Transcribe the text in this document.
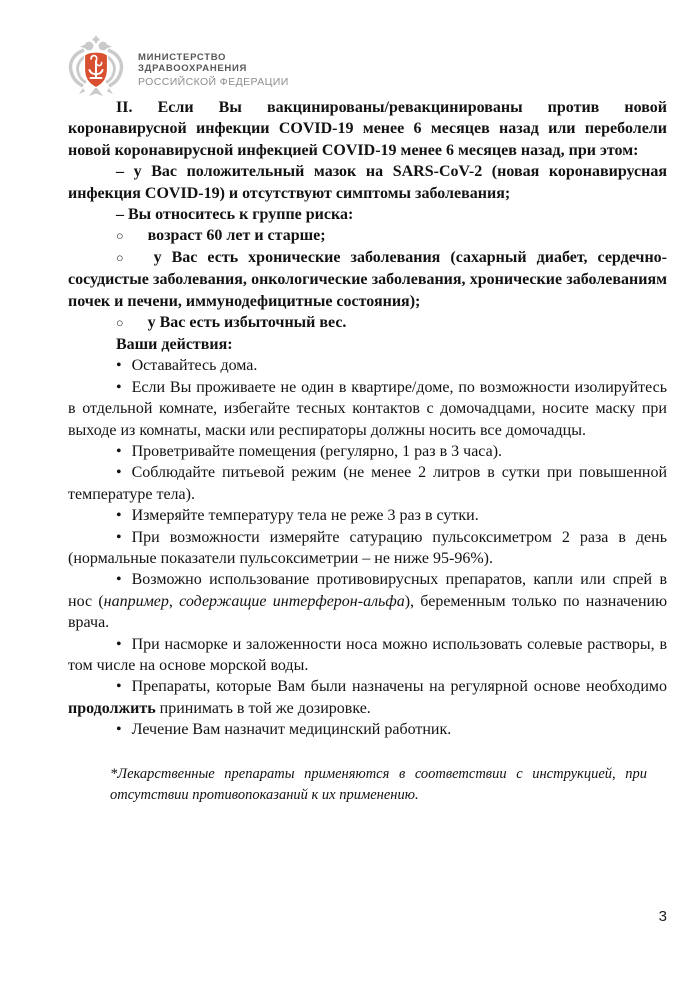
МИНИСТЕРСТВО
ЗДРАВООХРАНЕНИЯ
РОССИЙСКОЙ ФЕДЕРАЦИИ

II. Если Вы вакцинированы/ревакцинированы против новой коронавирусной инфекции COVID-19 менее 6 месяцев назад или переболели новой коронавирусной инфекцией COVID-19 менее 6 месяцев назад, при этом:

– у Вас положительный мазок на SARS-CoV-2 (новая коронавирусная инфекция COVID-19) и отсутствуют симптомы заболевания;

– Вы относитесь к группе риска:

○ возраст 60 лет и старше;

○ у Вас есть хронические заболевания (сахарный диабет, сердечно-сосудистые заболевания, онкологические заболевания, хронические заболеваниям почек и печени, иммунодефицитные состояния);

○ у Вас есть избыточный вес.

Ваши действия:

• Оставайтесь дома.

• Если Вы проживаете не один в квартире/доме, по возможности изолируйтесь в отдельной комнате, избегайте тесных контактов с домочадцами, носите маску при выходе из комнаты, маски или респираторы должны носить все домочадцы.

• Проветривайте помещения (регулярно, 1 раз в 3 часа).

• Соблюдайте питьевой режим (не менее 2 литров в сутки при повышенной температуре тела).

• Измеряйте температуру тела не реже 3 раз в сутки.

• При возможности измеряйте сатурацию пульсоксиметром 2 раза в день (нормальные показатели пульсоксиметрии – не ниже 95-96%).

• Возможно использование противовирусных препаратов, капли или спрей в нос (например, содержащие интерферон-альфа), беременным только по назначению врача.

• При насморке и заложенности носа можно использовать солевые растворы, в том числе на основе морской воды.

• Препараты, которые Вам были назначены на регулярной основе необходимо продолжить принимать в той же дозировке.

• Лечение Вам назначит медицинский работник.

*Лекарственные препараты применяются в соответствии с инструкцией, при отсутствии противопоказаний к их применению.
3
